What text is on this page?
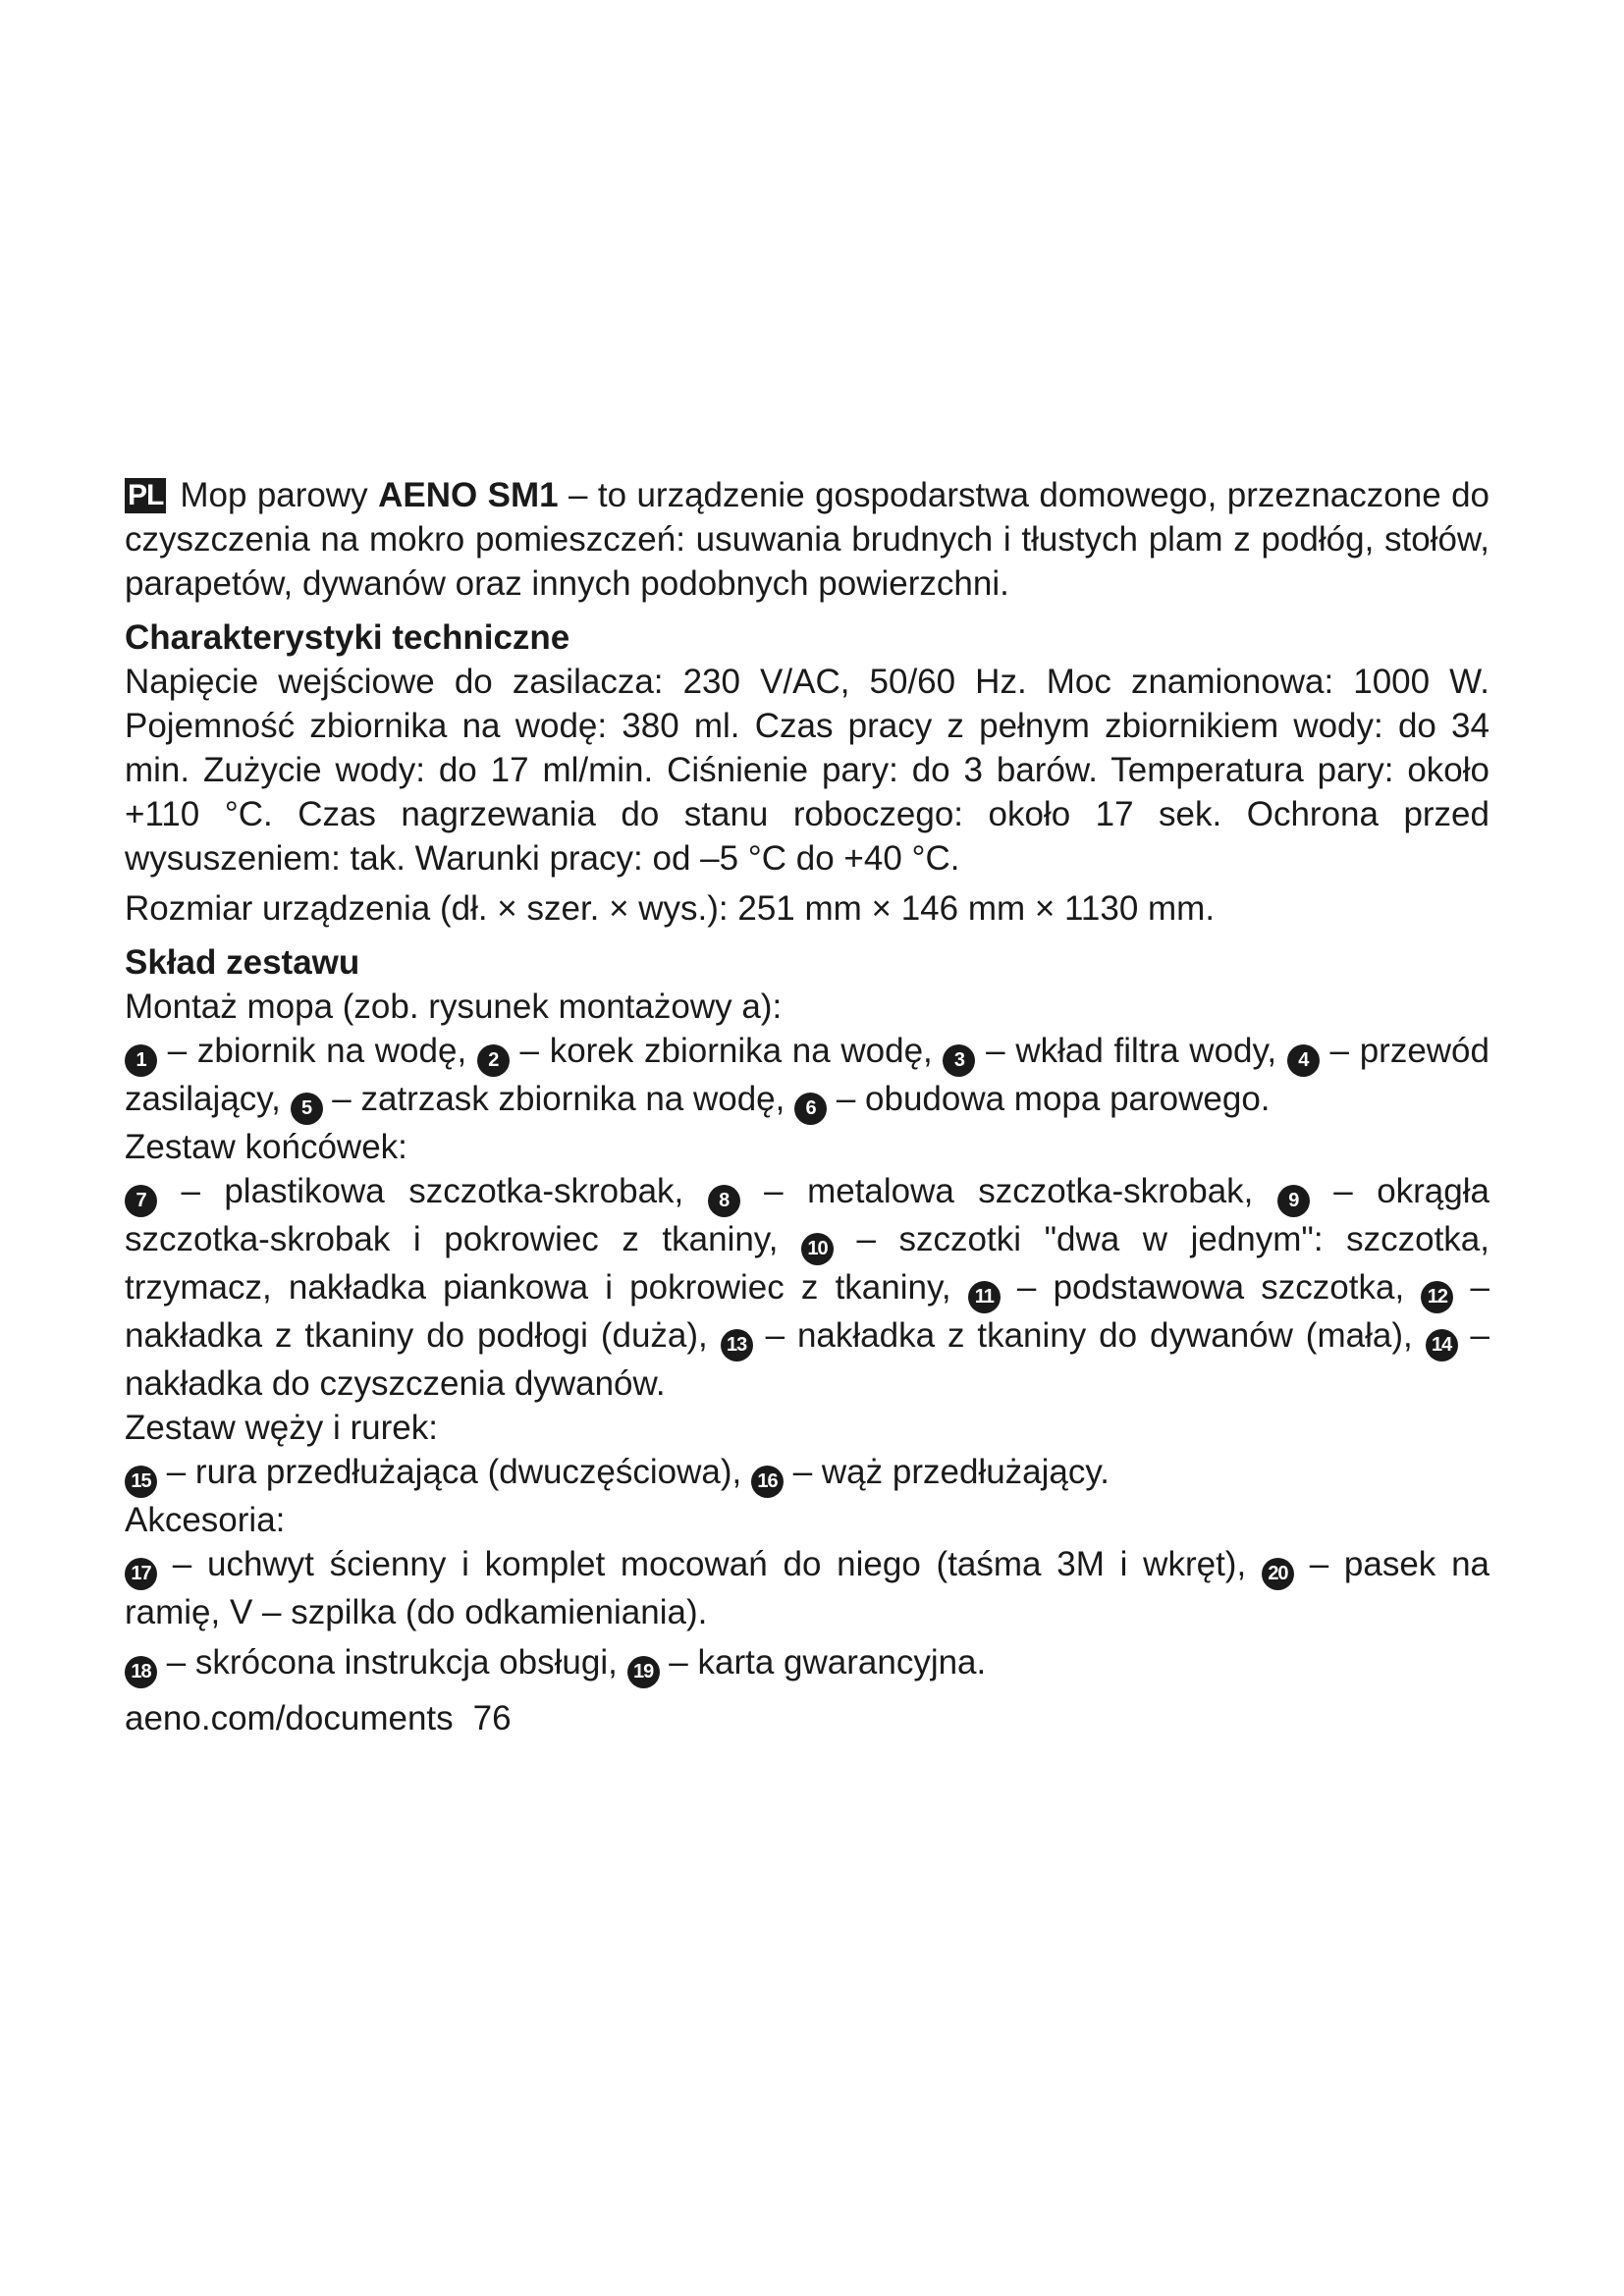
PL Mop parowy AENO SM1 – to urządzenie gospodarstwa domowego, przeznaczone do czyszczenia na mokro pomieszczeń: usuwania brudnych i tłustych plam z podłóg, stołów, parapetów, dywanów oraz innych podobnych powierzchni.

Charakterystyki techniczne

Napięcie wejściowe do zasilacza: 230 V/AC, 50/60 Hz. Moc znamionowa: 1000 W. Pojemność zbiornika na wodę: 380 ml. Czas pracy z pełnym zbiornikiem wody: do 34 min. Zużycie wody: do 17 ml/min. Ciśnienie pary: do 3 barów. Temperatura pary: około +110 °C. Czas nagrzewania do stanu roboczego: około 17 sek. Ochrona przed wysuszeniem: tak. Warunki pracy: od –5 °C do +40 °C.

Rozmiar urządzenia (dł. × szer. × wys.): 251 mm × 146 mm × 1130 mm.

Skład zestawu

Montaż mopa (zob. rysunek montażowy a):

1 – zbiornik na wodę, 2 – korek zbiornika na wodę, 3 – wkład filtra wody, 4 – przewód zasilający, 5 – zatrzask zbiornika na wodę, 6 – obudowa mopa parowego.

Zestaw końcówek:

7 – plastikowa szczotka-skrobak, 8 – metalowa szczotka-skrobak, 9 – okrągła szczotka-skrobak i pokrowiec z tkaniny, 10 – szczotki "dwa w jednym": szczotka, trzymacz, nakładka piankowa i pokrowiec z tkaniny, 11 – podstawowa szczotka, 12 – nakładka z tkaniny do podłogi (duża), 13 – nakładka z tkaniny do dywanów (mała), 14 – nakładka do czyszczenia dywanów.

Zestaw węży i rurek:

15 – rura przedłużająca (dwuczęściowa), 16 – wąż przedłużający.

Akcesoria:

17 – uchwyt ścienny i komplet mocowań do niego (taśma 3M i wkręt), 20 – pasek na ramię, V – szpilka (do odkamieniania).

18 – skrócona instrukcja obsługi, 19 – karta gwarancyjna.

aeno.com/documents 76
